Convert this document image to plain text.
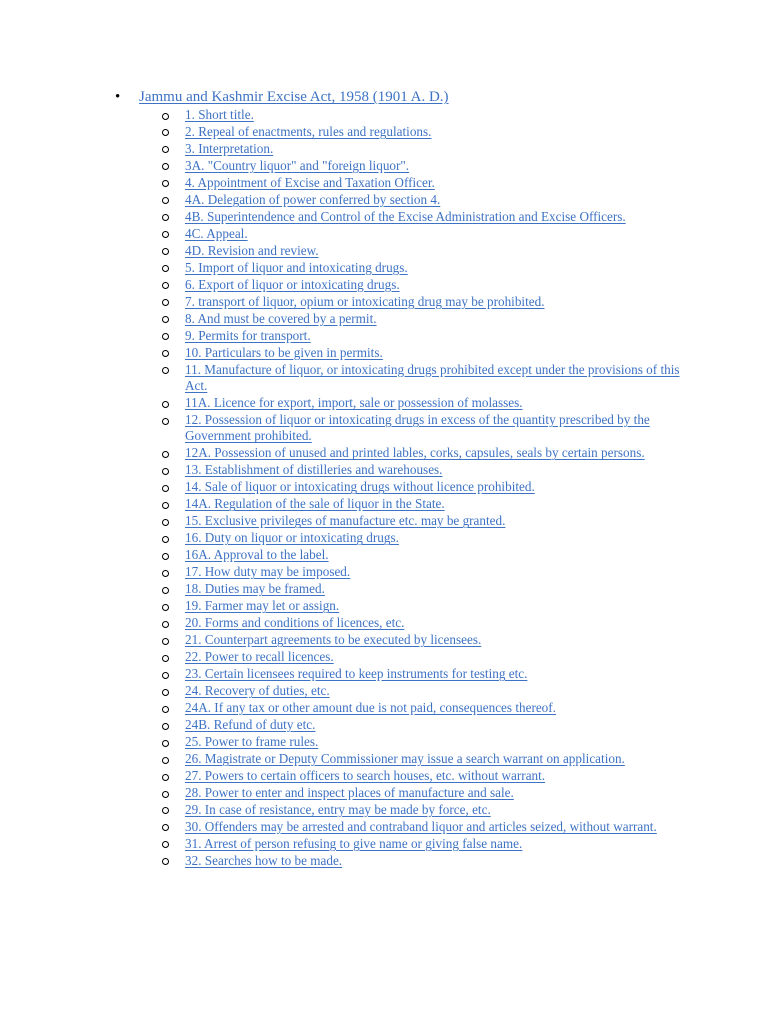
• Jammu and Kashmir Excise Act, 1958 (1901 A. D.)
1. Short title.
2. Repeal of enactments, rules and regulations.
3. Interpretation.
3A. "Country liquor" and "foreign liquor".
4. Appointment of Excise and Taxation Officer.
4A. Delegation of power conferred by section 4.
4B. Superintendence and Control of the Excise Administration and Excise Officers.
4C. Appeal.
4D. Revision and review.
5. Import of liquor and intoxicating drugs.
6. Export of liquor or intoxicating drugs.
7. transport of liquor, opium or intoxicating drug may be prohibited.
8. And must be covered by a permit.
9. Permits for transport.
10. Particulars to be given in permits.
11. Manufacture of liquor, or intoxicating drugs prohibited except under the provisions of this Act.
11A. Licence for export, import, sale or possession of molasses.
12. Possession of liquor or intoxicating drugs in excess of the quantity prescribed by the Government prohibited.
12A. Possession of unused and printed lables, corks, capsules, seals by certain persons.
13. Establishment of distilleries and warehouses.
14. Sale of liquor or intoxicating drugs without licence prohibited.
14A. Regulation of the sale of liquor in the State.
15. Exclusive privileges of manufacture etc. may be granted.
16. Duty on liquor or intoxicating drugs.
16A. Approval to the label.
17. How duty may be imposed.
18. Duties may be framed.
19. Farmer may let or assign.
20. Forms and conditions of licences, etc.
21. Counterpart agreements to be executed by licensees.
22. Power to recall licences.
23. Certain licensees required to keep instruments for testing etc.
24. Recovery of duties, etc.
24A. If any tax or other amount due is not paid, consequences thereof.
24B. Refund of duty etc.
25. Power to frame rules.
26. Magistrate or Deputy Commissioner may issue a search warrant on application.
27. Powers to certain officers to search houses, etc. without warrant.
28. Power to enter and inspect places of manufacture and sale.
29. In case of resistance, entry may be made by force, etc.
30. Offenders may be arrested and contraband liquor and articles seized, without warrant.
31. Arrest of person refusing to give name or giving false name.
32. Searches how to be made.
